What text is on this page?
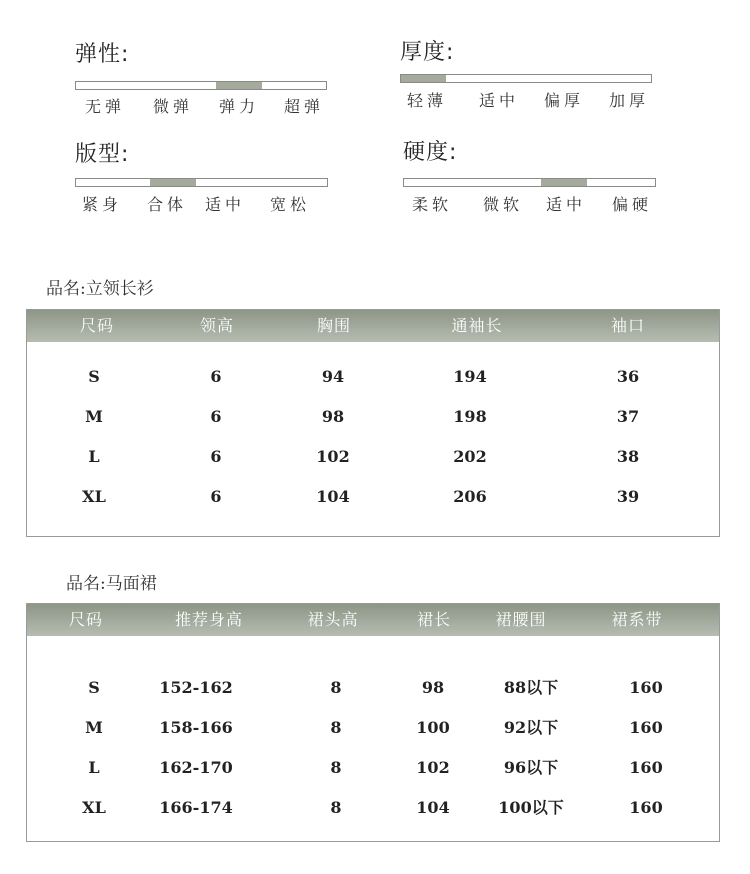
弹性:
无弹	微弹	弹力	超弹
厚度:
轻薄	适中	偏厚	加厚
版型:
紧身	合体	适中	宽松
硬度:
柔软	微软	适中	偏硬
品名:立领长衫
尺码	领高	胸围	通袖长	袖口
S	6	94	194	36
M	6	98	198	37
L	6	102	202	38
XL	6	104	206	39
品名:马面裙
尺码	推荐身高	裙头高	裙长	裙腰围	裙系带
S	152-162	8	98	88以下	160
M	158-166	8	100	92以下	160
L	162-170	8	102	96以下	160
XL	166-174	8	104	100以下	160
